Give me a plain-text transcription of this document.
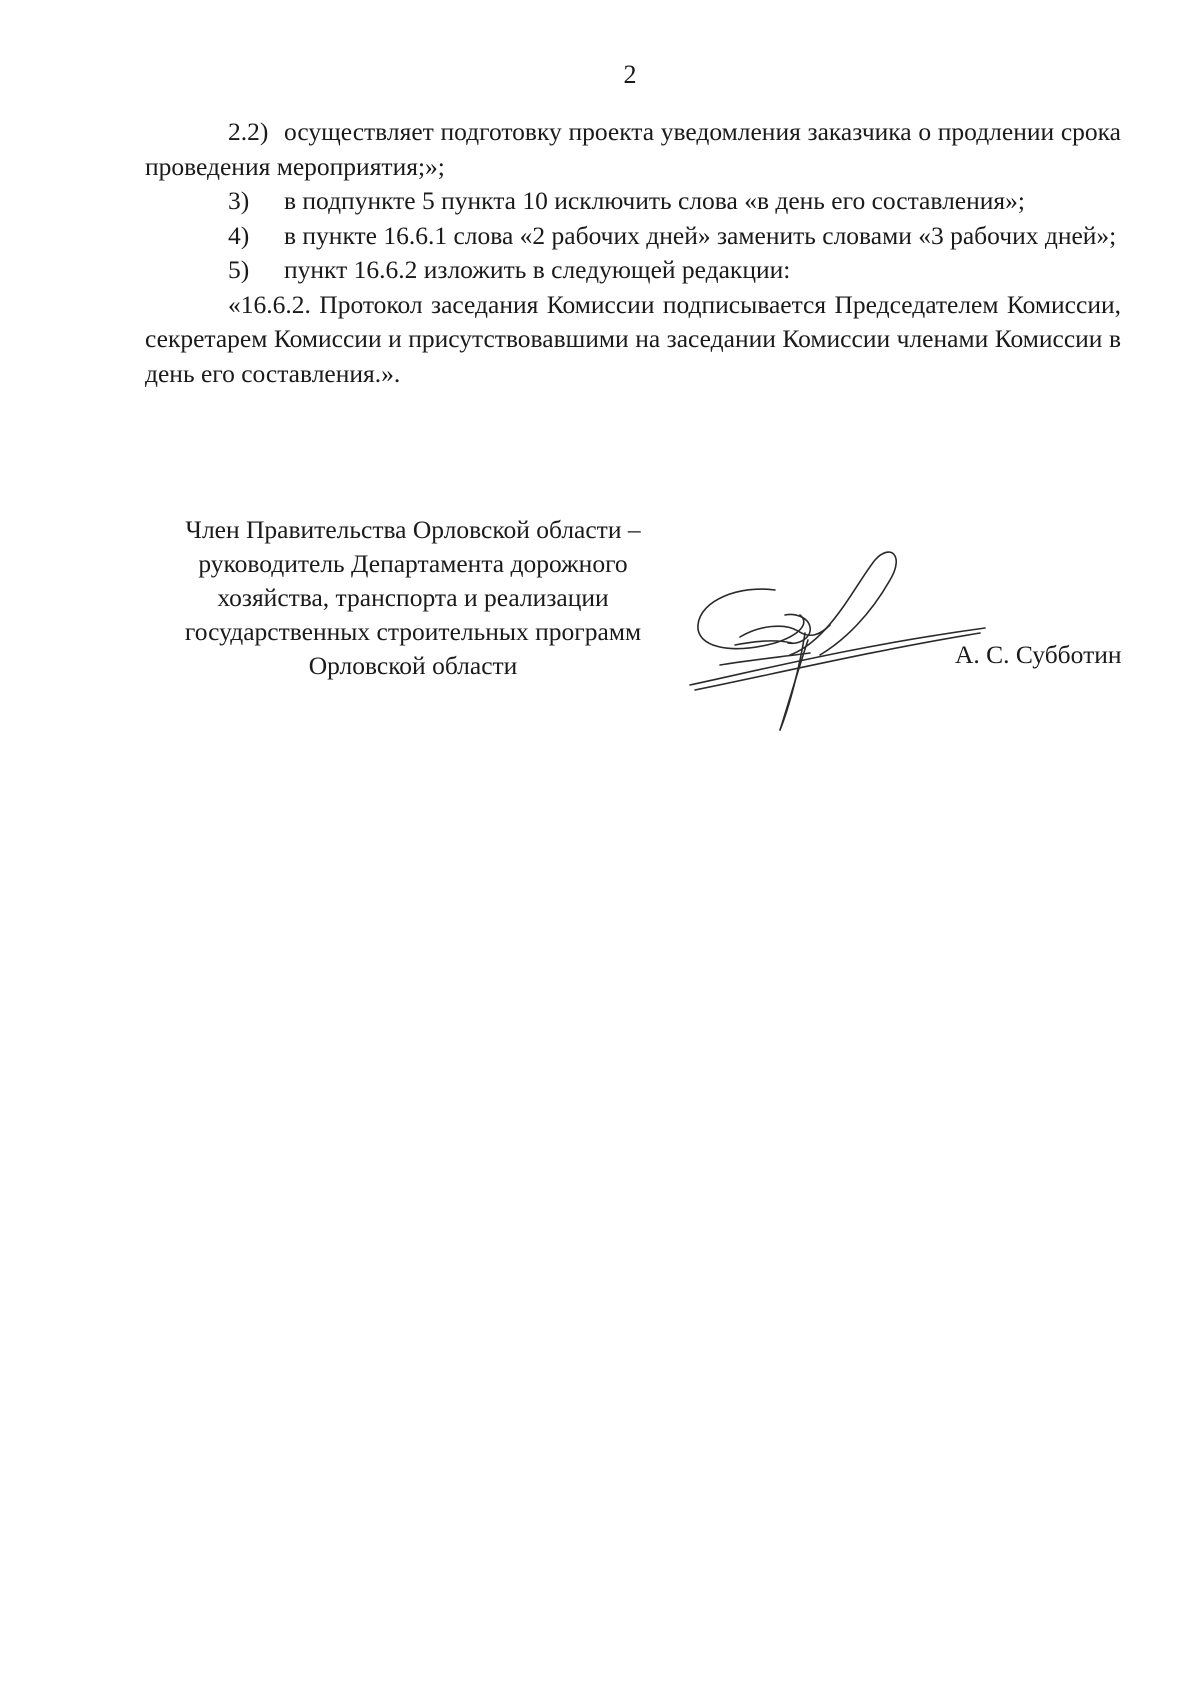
2

2.2) осуществляет подготовку проекта уведомления заказчика о продлении срока проведения мероприятия;»;

3) в подпункте 5 пункта 10 исключить слова «в день его составления»;

4) в пункте 16.6.1 слова «2 рабочих дней» заменить словами «3 рабочих дней»;

5) пункт 16.6.2 изложить в следующей редакции:

«16.6.2. Протокол заседания Комиссии подписывается Председателем Комиссии, секретарем Комиссии и присутствовавшими на заседании Комиссии членами Комиссии в день его составления.».

Член Правительства Орловской области –
руководитель Департамента дорожного
хозяйства, транспорта и реализации
государственных строительных программ
Орловской области	А. С. Субботин
